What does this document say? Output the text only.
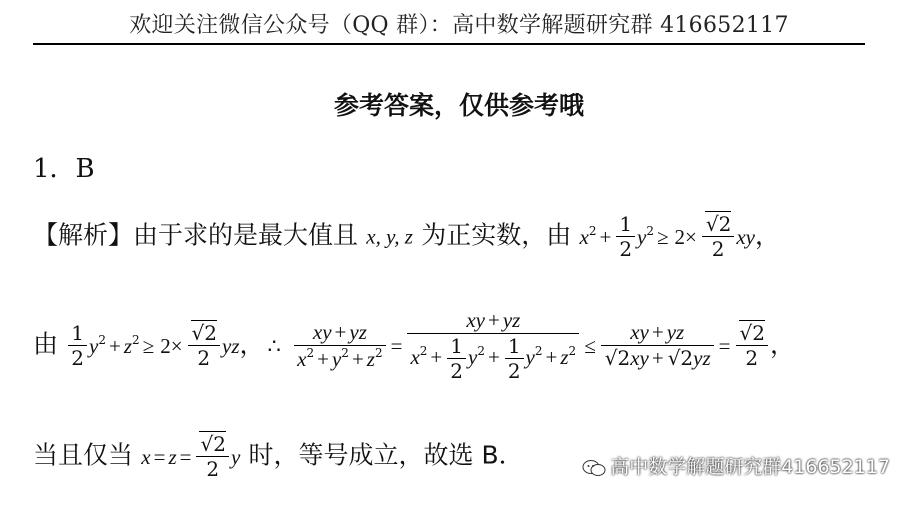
欢迎关注微信公众号（QQ 群）：高中数学解题研究群 416652117
参考答案，仅供参考哦
1．B
【解析】由于求的是最大值且 x, y, z 为正实数，由 $x^2 + \frac{1}{2} y^2 \ge 2\times \frac{√2}{2}$ xy，
由 $\frac{1}{2} y^2 + z^2 \ge 2\times \frac{√2}{2}$ yz， ∴ $\frac{xy + yz}{x^2 + y^2 + z^2} = \frac{xy + yz}{x^2 + \frac{1}{2} y^2 + \frac{1}{2} y^2 + z^2} \le \frac{xy + yz}{√2xy + √2yz} = \frac{√2}{2}$ ，
当且仅当 $x = z = \frac{√2}{2}$ y 时，等号成立，故选 B．	高中数学解题研究群416652117
